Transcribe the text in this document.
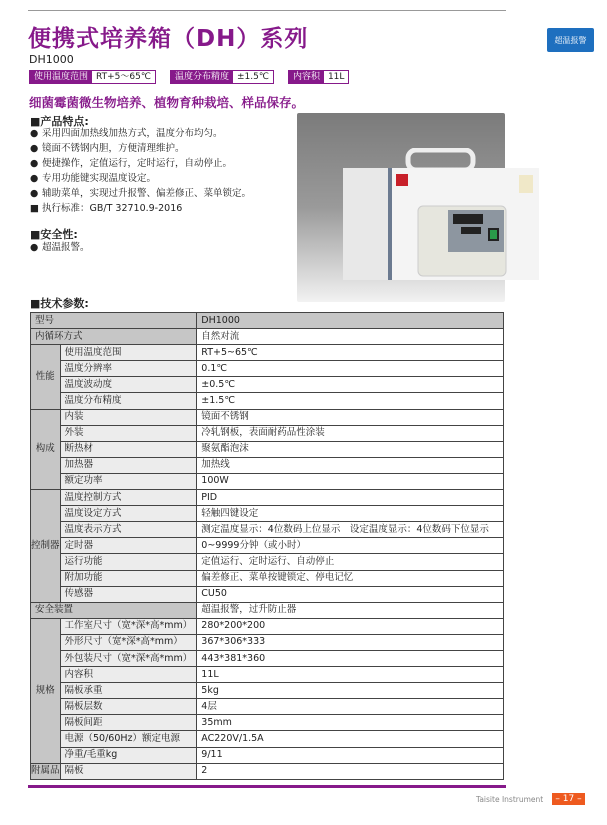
便携式培养箱（DH）系列	超温报警
DH1000
使用温度范围 RT+5～65℃	温度分布精度 ±1.5℃	内容积 11L
细菌霉菌微生物培养、植物育种栽培、样品保存。
■产品特点:
● 采用四面加热线加热方式，温度分布均匀。
● 镜面不锈钢内胆，方便清理维护。
● 便捷操作，定值运行，定时运行，自动停止。
● 专用功能键实现温度设定。
● 辅助菜单，实现过升报警、偏差修正、菜单锁定。
■ 执行标准：GB/T 32710.9-2016
■安全性:
● 超温报警。
■技术参数:
型号		DH1000
内循环方式		自然对流
性能	使用温度范围	RT+5~65℃
	温度分辨率	0.1℃
	温度波动度	±0.5℃
	温度分布精度	±1.5℃
构成	内装	镜面不锈钢
	外装	冷轧钢板，表面耐药品性涂装
	断热材	聚氨酯泡沫
	加热器	加热线
	额定功率	100W
控制器	温度控制方式	PID
	温度设定方式	轻触四键设定
	温度表示方式	测定温度显示：4位数码上位显示　设定温度显示：4位数码下位显示
	定时器	0~9999分钟（或小时）
	运行功能	定值运行、定时运行、自动停止
	附加功能	偏差修正、菜单按键锁定、停电记忆
	传感器	CU50
安全装置		超温报警，过升防止器
规格	工作室尺寸（宽*深*高*mm）	280*200*200
	外形尺寸（宽*深*高*mm）	367*306*333
	外包装尺寸（宽*深*高*mm）	443*381*360
	内容积	11L
	隔板承重	5kg
	隔板层数	4层
	隔板间距	35mm
	电源（50/60Hz）额定电源	AC220V/1.5A
	净重/毛重kg	9/11
附属品	隔板	2
Taisite Instrument	– 17 –
